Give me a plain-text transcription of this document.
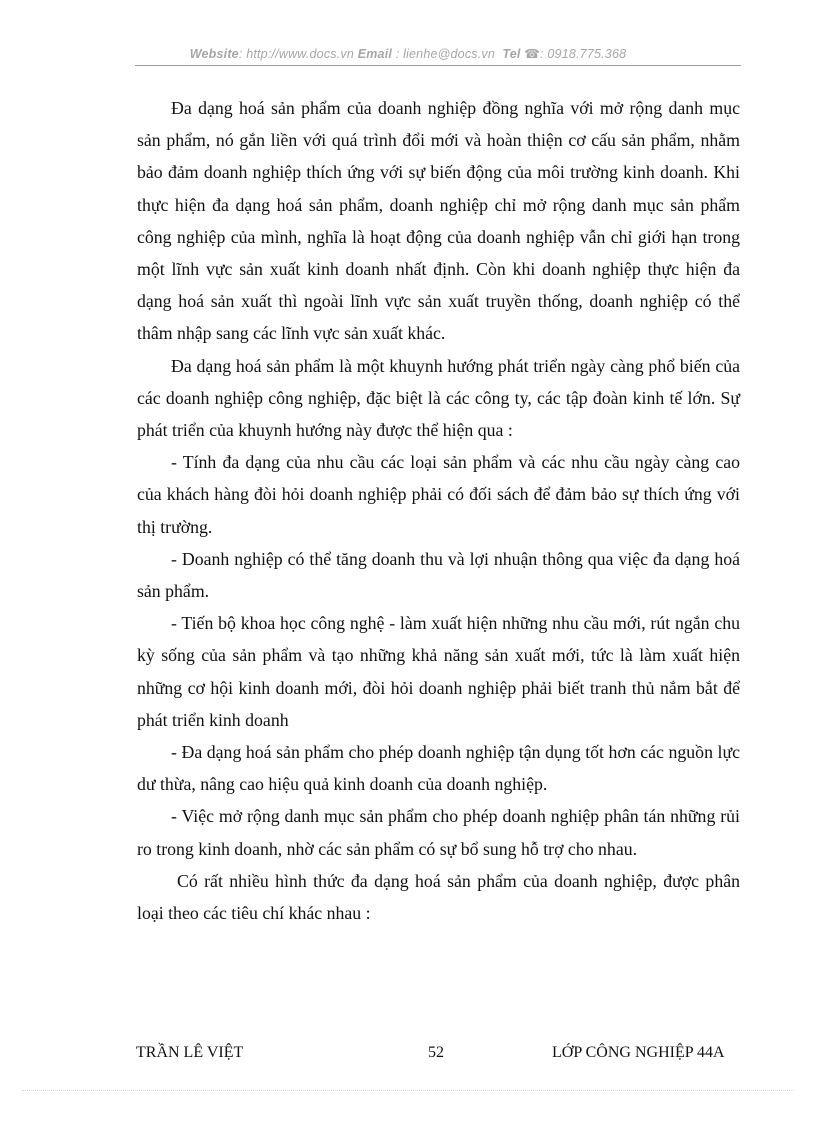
Website: http://www.docs.vn Email : lienhe@docs.vn Tel ☎: 0918.775.368

Đa dạng hoá sản phẩm của doanh nghiệp đồng nghĩa với mở rộng danh mục sản phẩm, nó gắn liền với quá trình đổi mới và hoàn thiện cơ cấu sản phẩm, nhằm bảo đảm doanh nghiệp thích ứng với sự biến động của môi trường kinh doanh. Khi thực hiện đa dạng hoá sản phẩm, doanh nghiệp chỉ mở rộng danh mục sản phẩm công nghiệp của mình, nghĩa là hoạt động của doanh nghiệp vẫn chỉ giới hạn trong một lĩnh vực sản xuất kinh doanh nhất định. Còn khi doanh nghiệp thực hiện đa dạng hoá sản xuất thì ngoài lĩnh vực sản xuất truyền thống, doanh nghiệp có thể thâm nhập sang các lĩnh vực sản xuất khác.

Đa dạng hoá sản phẩm là một khuynh hướng phát triển ngày càng phổ biến của các doanh nghiệp công nghiệp, đặc biệt là các công ty, các tập đoàn kinh tế lớn. Sự phát triển của khuynh hướng này được thể hiện qua :

- Tính đa dạng của nhu cầu các loại sản phẩm và các nhu cầu ngày càng cao của khách hàng đòi hỏi doanh nghiệp phải có đối sách để đảm bảo sự thích ứng với thị trường.

- Doanh nghiệp có thể tăng doanh thu và lợi nhuận thông qua việc đa dạng hoá sản phẩm.

- Tiến bộ khoa học công nghệ - làm xuất hiện những nhu cầu mới, rút ngắn chu kỳ sống của sản phẩm và tạo những khả năng sản xuất mới, tức là làm xuất hiện những cơ hội kinh doanh mới, đòi hỏi doanh nghiệp phải biết tranh thủ nắm bắt để phát triển kinh doanh

- Đa dạng hoá sản phẩm cho phép doanh nghiệp tận dụng tốt hơn các nguồn lực dư thừa, nâng cao hiệu quả kinh doanh của doanh nghiệp.

- Việc mở rộng danh mục sản phẩm cho phép doanh nghiệp phân tán những rủi ro trong kinh doanh, nhờ các sản phẩm có sự bổ sung hỗ trợ cho nhau.

Có rất nhiều hình thức đa dạng hoá sản phẩm của doanh nghiệp, được phân loại theo các tiêu chí khác nhau :

TRẦN LÊ VIỆT	52	LỚP CÔNG NGHIỆP 44A
